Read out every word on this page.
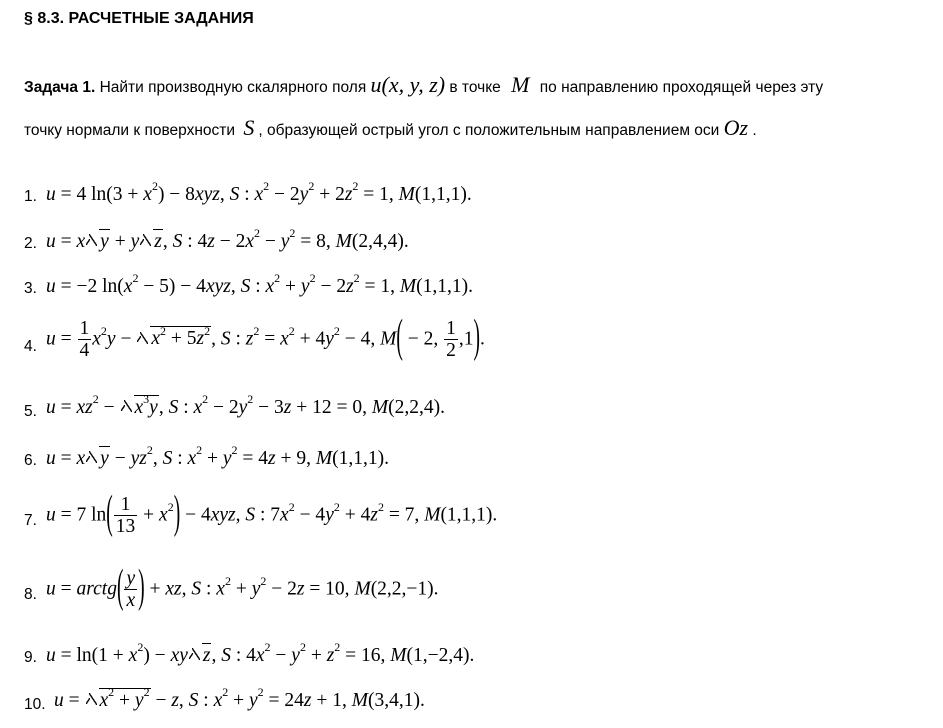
§ 8.3. РАСЧЕТНЫЕ ЗАДАНИЯ
Задача 1. Найти производную скалярного поля u(x, y, z) в точке M по направлению проходящей через эту
точку нормали к поверхности S , образующей острый угол с положительным направлением оси Oz .
1. u = 4 $\ln(3 + x^2) - 8xyz$, S : $x^2 - 2y^2 + 2z^2 = 1$, M(1,1,1).
2. u = x y + y z, S : $4z - 2x^2 - y^2 = 8$, M(2,4,4).
3. u = −2 $\ln(x^2 - 5) - 4xyz$, S : $x^2 + y^2 - 2z^2 = 1$, M(1,1,1).
4. $u = \frac{1}{4} x^2y - x^2 + 5z^2$, S : $z^2 = x^2 + 4y^2 - 4$, M( − 2, $\frac{1}{2} ,1$).
5. $u = xz^2 - x^3y$, S : $x^2 - 2y^2 - 3z + 12 = 0$, M(2,2,4).
6. u = x $y - yz^2$, S : $x^2 + y^2 = 4z + 9$, M(1,1,1).
7. u = 7 $\ln( \frac{1}{13} + x^2) - 4xyz$, S : $7x^2 - 4y^2 + 4z^2 = 7$, M(1,1,1).
8. u = arctg( $\frac{y}{x}$ ) + xz, S : $x^2 + y^2 - 2z = 10$, M(2,2,−1).
9. $u = \ln(1 + x^2)$ − xy z, S : $4x^2 - y^2 + z^2 = 16$, M(1,−2,4).
10. $u = x^2 + y^2 - z$, S : $x^2 + y^2 = 24z + 1$, M(3,4,1).
